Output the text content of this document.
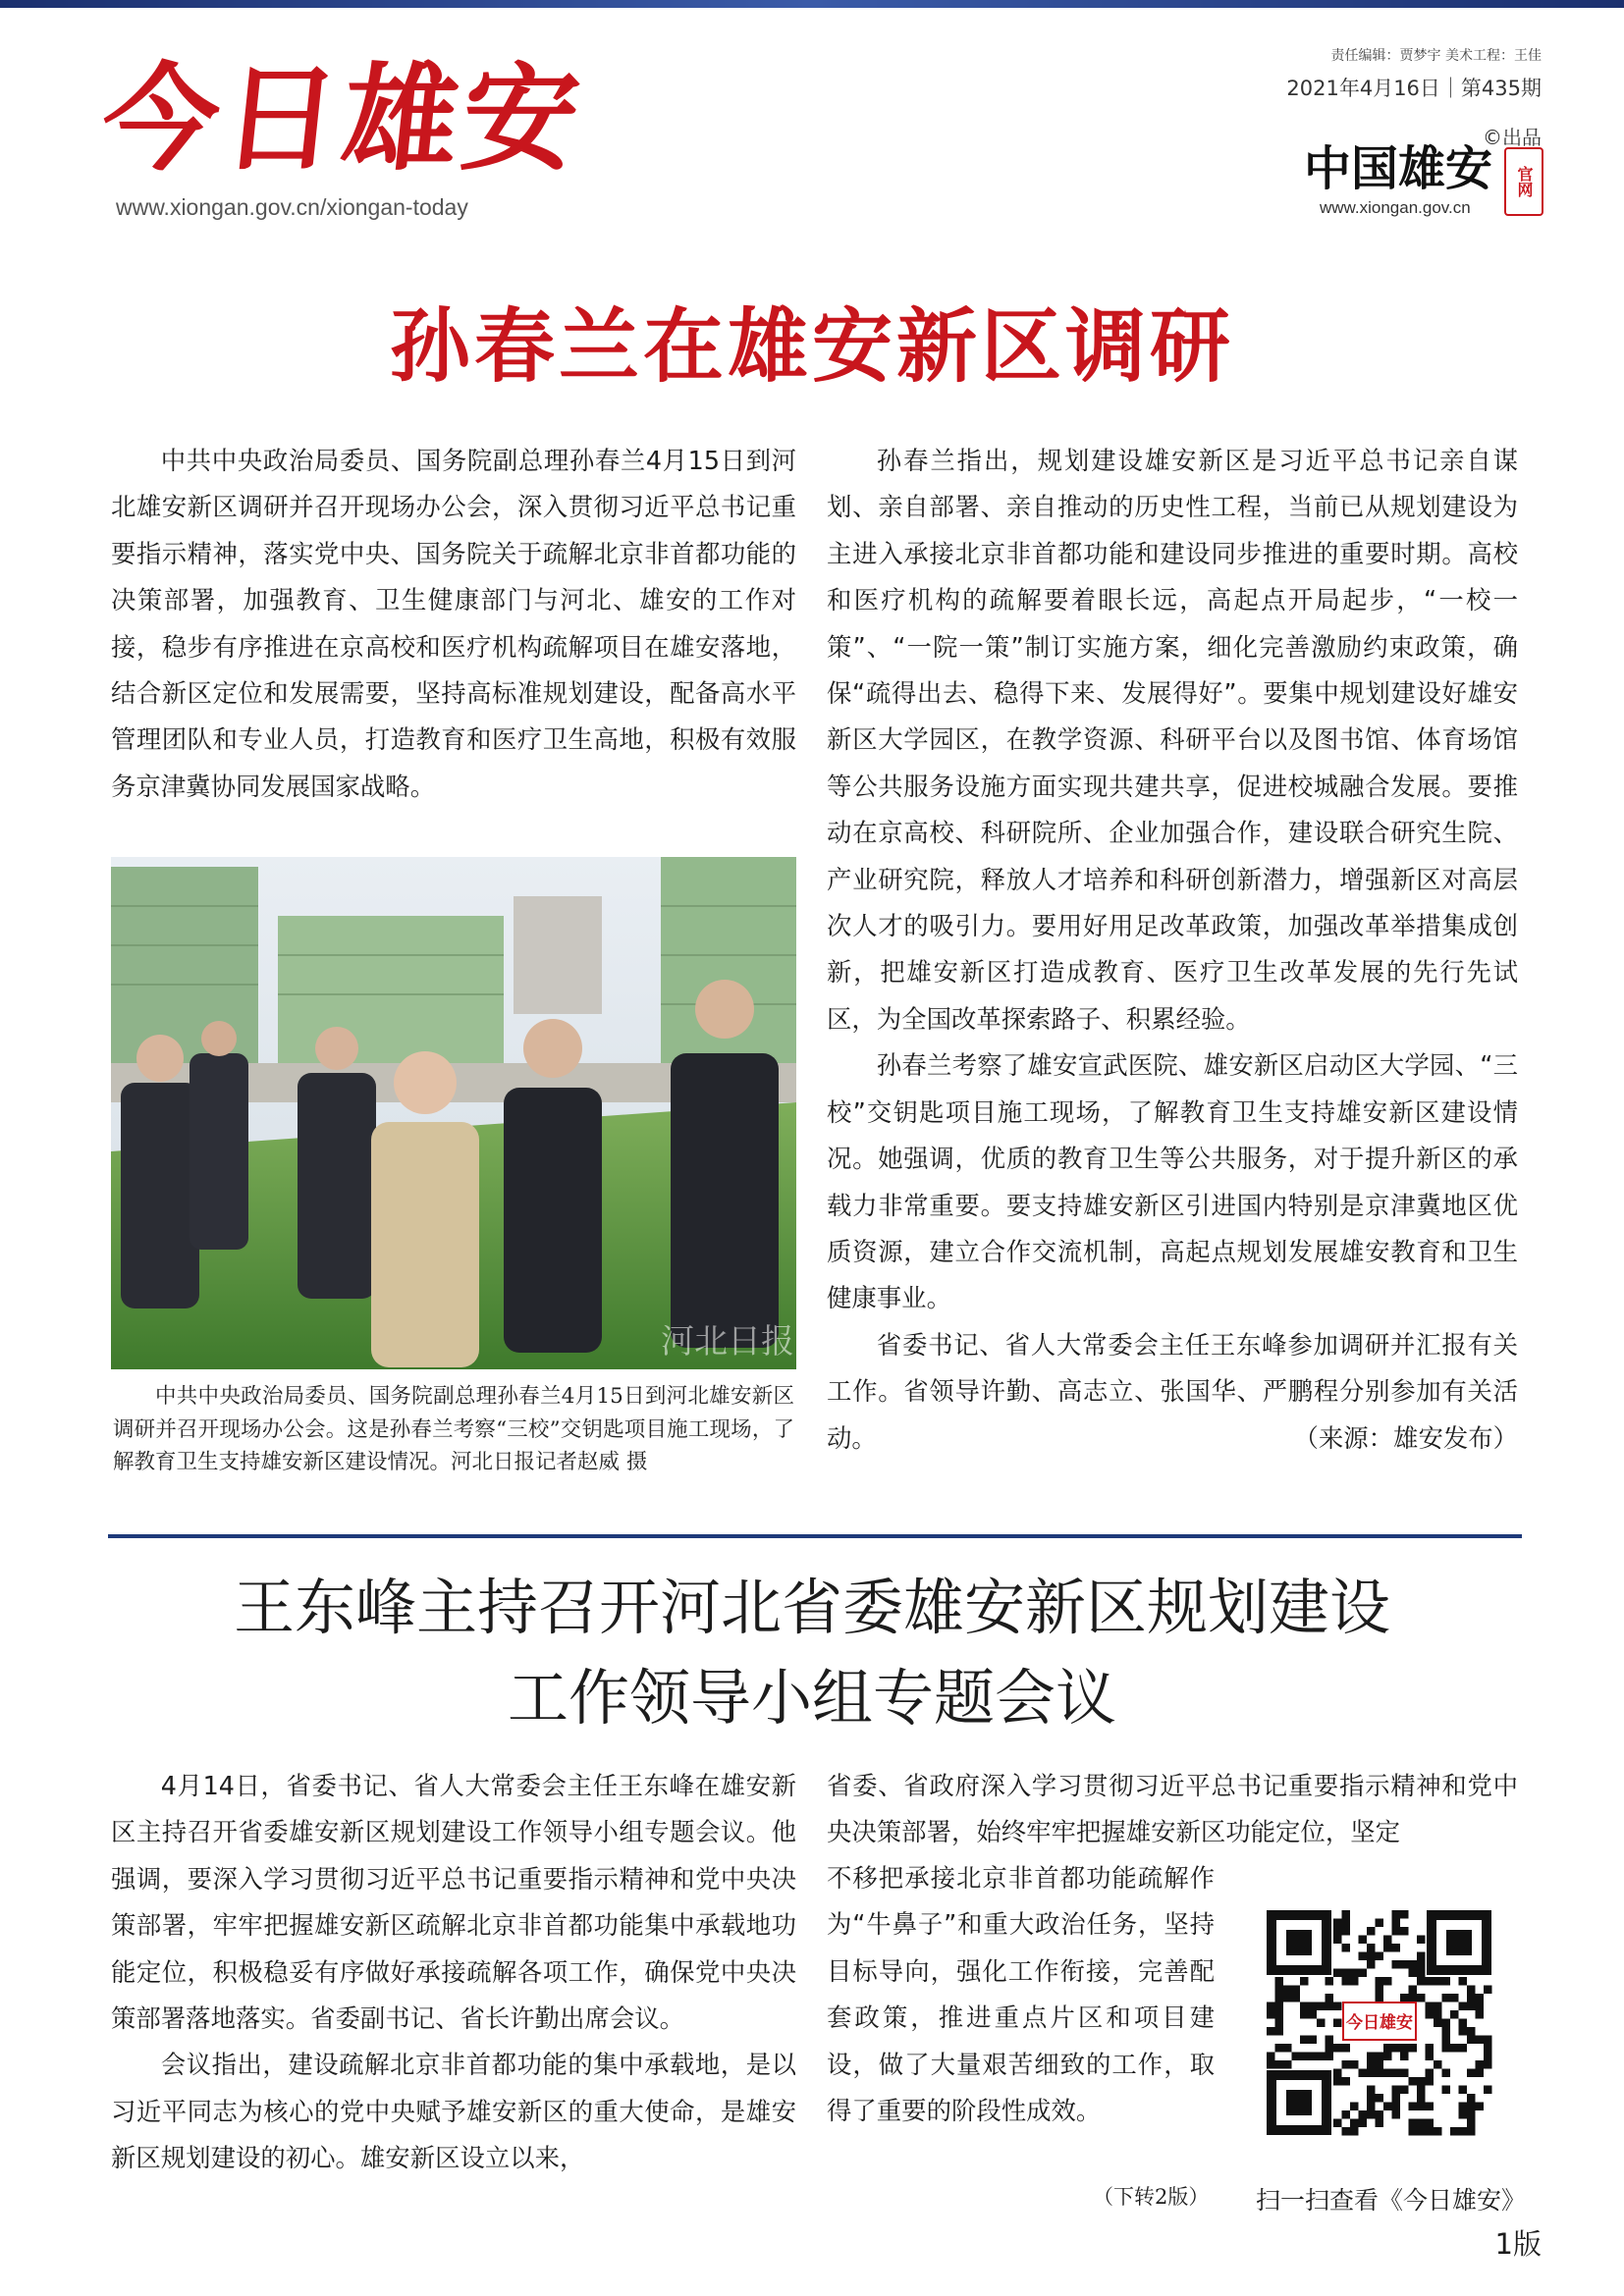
今日雄安
www.xiongan.gov.cn/xiongan-today
责任编辑：贾梦宇 美术工程：王佳
2021年4月16日｜第435期
©出品
中国雄安	官网
www.xiongan.gov.cn
孙春兰在雄安新区调研

中共中央政治局委员、国务院副总理孙春兰4月15日到河北雄安新区调研并召开现场办公会，深入贯彻习近平总书记重要指示精神，落实党中央、国务院关于疏解北京非首都功能的决策部署，加强教育、卫生健康部门与河北、雄安的工作对接，稳步有序推进在京高校和医疗机构疏解项目在雄安落地，结合新区定位和发展需要，坚持高标准规划建设，配备高水平管理团队和专业人员，打造教育和医疗卫生高地，积极有效服务京津冀协同发展国家战略。

河北日报

中共中央政治局委员、国务院副总理孙春兰4月15日到河北雄安新区调研并召开现场办公会。这是孙春兰考察“三校”交钥匙项目施工现场，了解教育卫生支持雄安新区建设情况。河北日报记者赵威 摄

孙春兰指出，规划建设雄安新区是习近平总书记亲自谋划、亲自部署、亲自推动的历史性工程，当前已从规划建设为主进入承接北京非首都功能和建设同步推进的重要时期。高校和医疗机构的疏解要着眼长远，高起点开局起步，“一校一策”、“一院一策”制订实施方案，细化完善激励约束政策，确保“疏得出去、稳得下来、发展得好”。要集中规划建设好雄安新区大学园区，在教学资源、科研平台以及图书馆、体育场馆等公共服务设施方面实现共建共享，促进校城融合发展。要推动在京高校、科研院所、企业加强合作，建设联合研究生院、产业研究院，释放人才培养和科研创新潜力，增强新区对高层次人才的吸引力。要用好用足改革政策，加强改革举措集成创新，把雄安新区打造成教育、医疗卫生改革发展的先行先试区，为全国改革探索路子、积累经验。

孙春兰考察了雄安宣武医院、雄安新区启动区大学园、“三校”交钥匙项目施工现场，了解教育卫生支持雄安新区建设情况。她强调，优质的教育卫生等公共服务，对于提升新区的承载力非常重要。要支持雄安新区引进国内特别是京津冀地区优质资源，建立合作交流机制，高起点规划发展雄安教育和卫生健康事业。

省委书记、省人大常委会主任王东峰参加调研并汇报有关工作。省领导许勤、高志立、张国华、严鹏程分别参加有关活动。	（来源：雄安发布）

王东峰主持召开河北省委雄安新区规划建设
工作领导小组专题会议

4月14日，省委书记、省人大常委会主任王东峰在雄安新区主持召开省委雄安新区规划建设工作领导小组专题会议。他强调，要深入学习贯彻习近平总书记重要指示精神和党中央决策部署，牢牢把握雄安新区疏解北京非首都功能集中承载地功能定位，积极稳妥有序做好承接疏解各项工作，确保党中央决策部署落地落实。省委副书记、省长许勤出席会议。

会议指出，建设疏解北京非首都功能的集中承载地，是以习近平同志为核心的党中央赋予雄安新区的重大使命，是雄安新区规划建设的初心。雄安新区设立以来，

省委、省政府深入学习贯彻习近平总书记重要指示精神和党中央决策部署，始终牢牢把握雄安新区功能定位，坚定

不移把承接北京非首都功能疏解作为“牛鼻子”和重大政治任务，坚持目标导向，强化工作衔接，完善配套政策，推进重点片区和项目建设，做了大量艰苦细致的工作，取得了重要的阶段性成效。

今日雄安
（下转2版） 扫一扫查看《今日雄安》
1版
